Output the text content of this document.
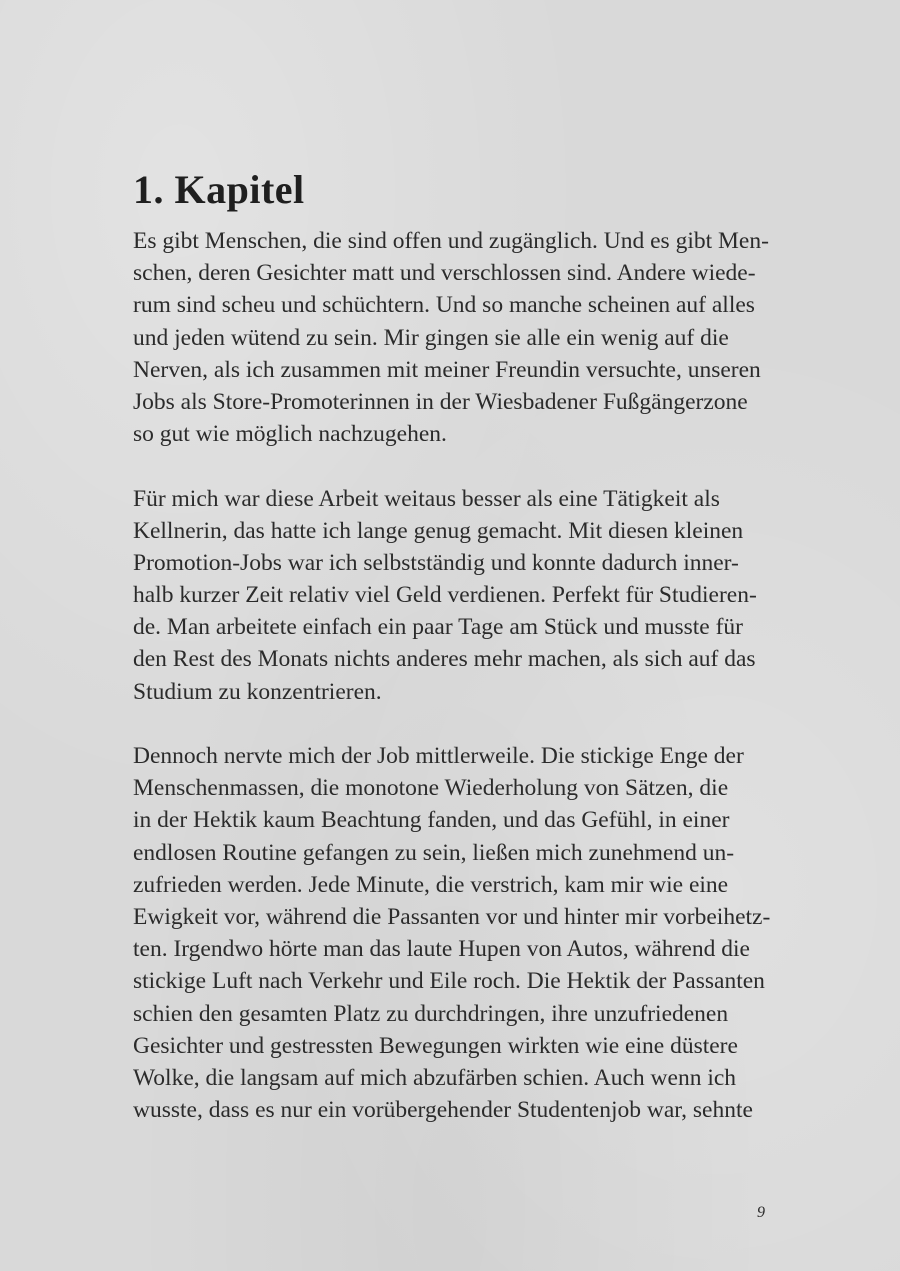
1. Kapitel
Es gibt Menschen, die sind offen und zugänglich. Und es gibt Men-
schen, deren Gesichter matt und verschlossen sind. Andere wiede-
rum sind scheu und schüchtern. Und so manche scheinen auf alles
und jeden wütend zu sein. Mir gingen sie alle ein wenig auf die
Nerven, als ich zusammen mit meiner Freundin versuchte, unseren
Jobs als Store-Promoterinnen in der Wiesbadener Fußgängerzone
so gut wie möglich nachzugehen.
Für mich war diese Arbeit weitaus besser als eine Tätigkeit als
Kellnerin, das hatte ich lange genug gemacht. Mit diesen kleinen
Promotion-Jobs war ich selbstständig und konnte dadurch inner-
halb kurzer Zeit relativ viel Geld verdienen. Perfekt für Studieren-
de. Man arbeitete einfach ein paar Tage am Stück und musste für
den Rest des Monats nichts anderes mehr machen, als sich auf das
Studium zu konzentrieren.
Dennoch nervte mich der Job mittlerweile. Die stickige Enge der
Menschenmassen, die monotone Wiederholung von Sätzen, die
in der Hektik kaum Beachtung fanden, und das Gefühl, in einer
endlosen Routine gefangen zu sein, ließen mich zunehmend un-
zufrieden werden. Jede Minute, die verstrich, kam mir wie eine
Ewigkeit vor, während die Passanten vor und hinter mir vorbeihetz-
ten. Irgendwo hörte man das laute Hupen von Autos, während die
stickige Luft nach Verkehr und Eile roch. Die Hektik der Passanten
schien den gesamten Platz zu durchdringen, ihre unzufriedenen
Gesichter und gestressten Bewegungen wirkten wie eine düstere
Wolke, die langsam auf mich abzufärben schien. Auch wenn ich
wusste, dass es nur ein vorübergehender Studentenjob war, sehnte
9
